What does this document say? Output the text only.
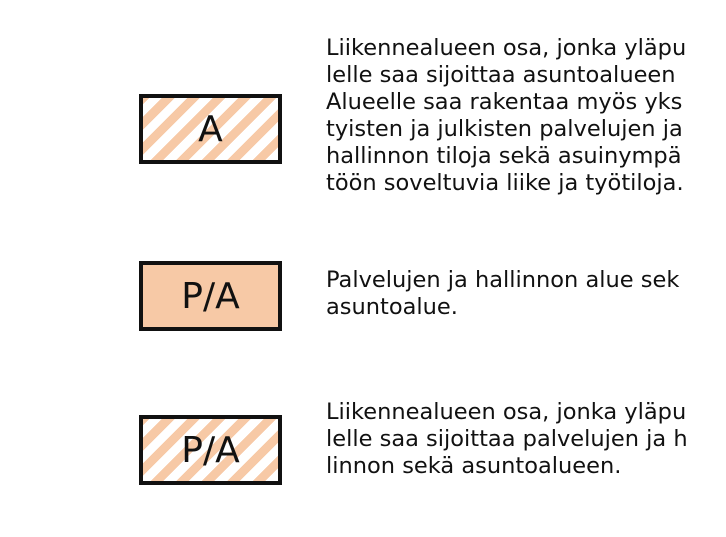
A
Liikennealueen osa, jonka yläpu
lelle saa sijoittaa asuntoalueen
Alueelle saa rakentaa myös yks
tyisten ja julkisten palvelujen ja
hallinnon tiloja sekä asuinympä
töön soveltuvia liike ja työtiloja.
P/A	Palvelujen ja hallinnon alue sek
asuntoalue.
P/A
Liikennealueen osa, jonka yläpu
lelle saa sijoittaa palvelujen ja h
linnon sekä asuntoalueen.
